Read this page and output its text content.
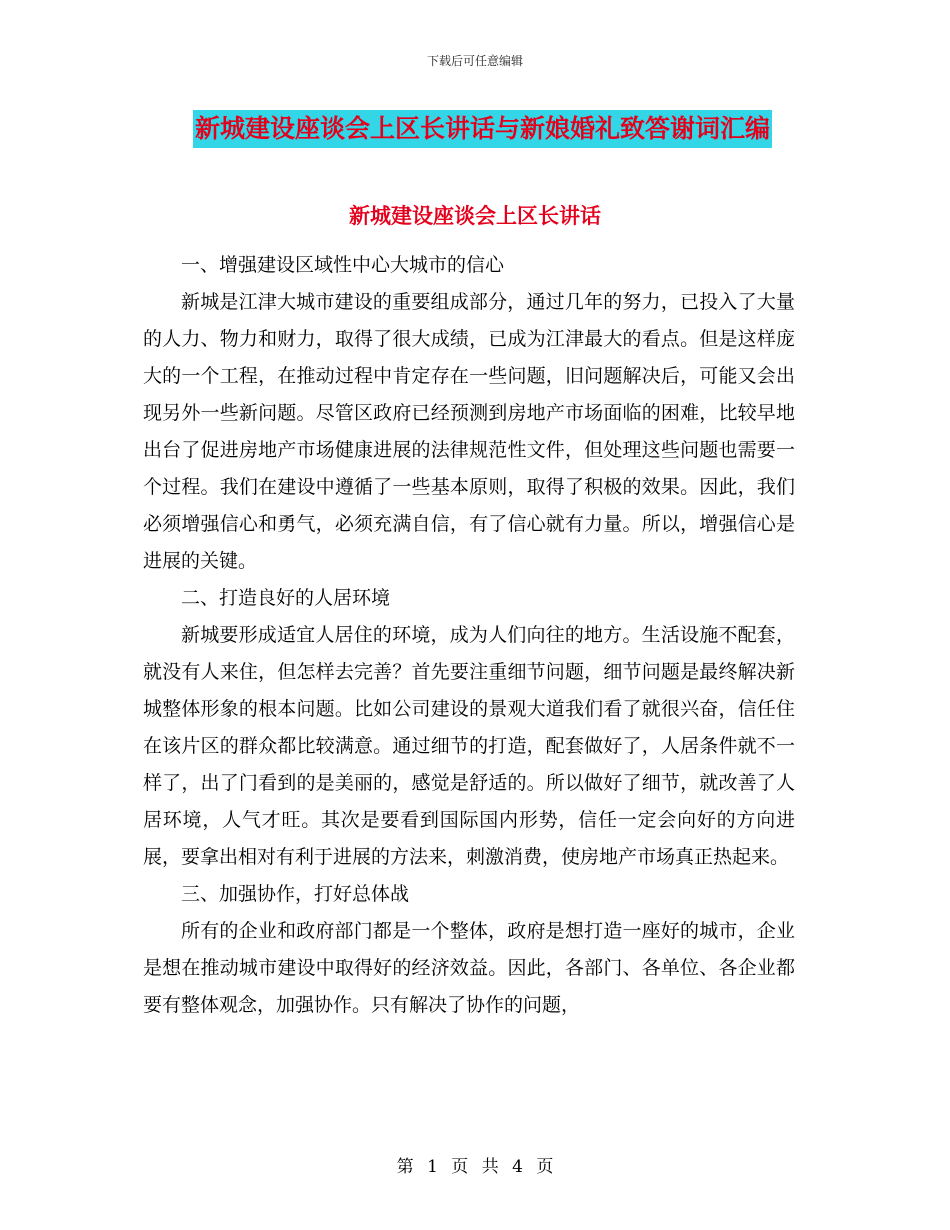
下载后可任意编辑
新城建设座谈会上区长讲话与新娘婚礼致答谢词汇编
新城建设座谈会上区长讲话

一、增强建设区域性中心大城市的信心

新城是江津大城市建设的重要组成部分，通过几年的努力，已投入了大量的人力、物力和财力，取得了很大成绩，已成为江津最大的看点。但是这样庞大的一个工程，在推动过程中肯定存在一些问题，旧问题解决后，可能又会出现另外一些新问题。尽管区政府已经预测到房地产市场面临的困难，比较早地出台了促进房地产市场健康进展的法律规范性文件，但处理这些问题也需要一个过程。我们在建设中遵循了一些基本原则，取得了积极的效果。因此，我们必须增强信心和勇气，必须充满自信，有了信心就有力量。所以，增强信心是进展的关键。

二、打造良好的人居环境

新城要形成适宜人居住的环境，成为人们向往的地方。生活设施不配套，就没有人来住，但怎样去完善？首先要注重细节问题，细节问题是最终解决新城整体形象的根本问题。比如公司建设的景观大道我们看了就很兴奋，信任住在该片区的群众都比较满意。通过细节的打造，配套做好了，人居条件就不一样了，出了门看到的是美丽的，感觉是舒适的。所以做好了细节，就改善了人居环境，人气才旺。其次是要看到国际国内形势，信任一定会向好的方向进展，要拿出相对有利于进展的方法来，刺激消费，使房地产市场真正热起来。

三、加强协作，打好总体战

所有的企业和政府部门都是一个整体，政府是想打造一座好的城市，企业是想在推动城市建设中取得好的经济效益。因此，各部门、各单位、各企业都要有整体观念，加强协作。只有解决了协作的问题，

第 1 页 共 4 页
